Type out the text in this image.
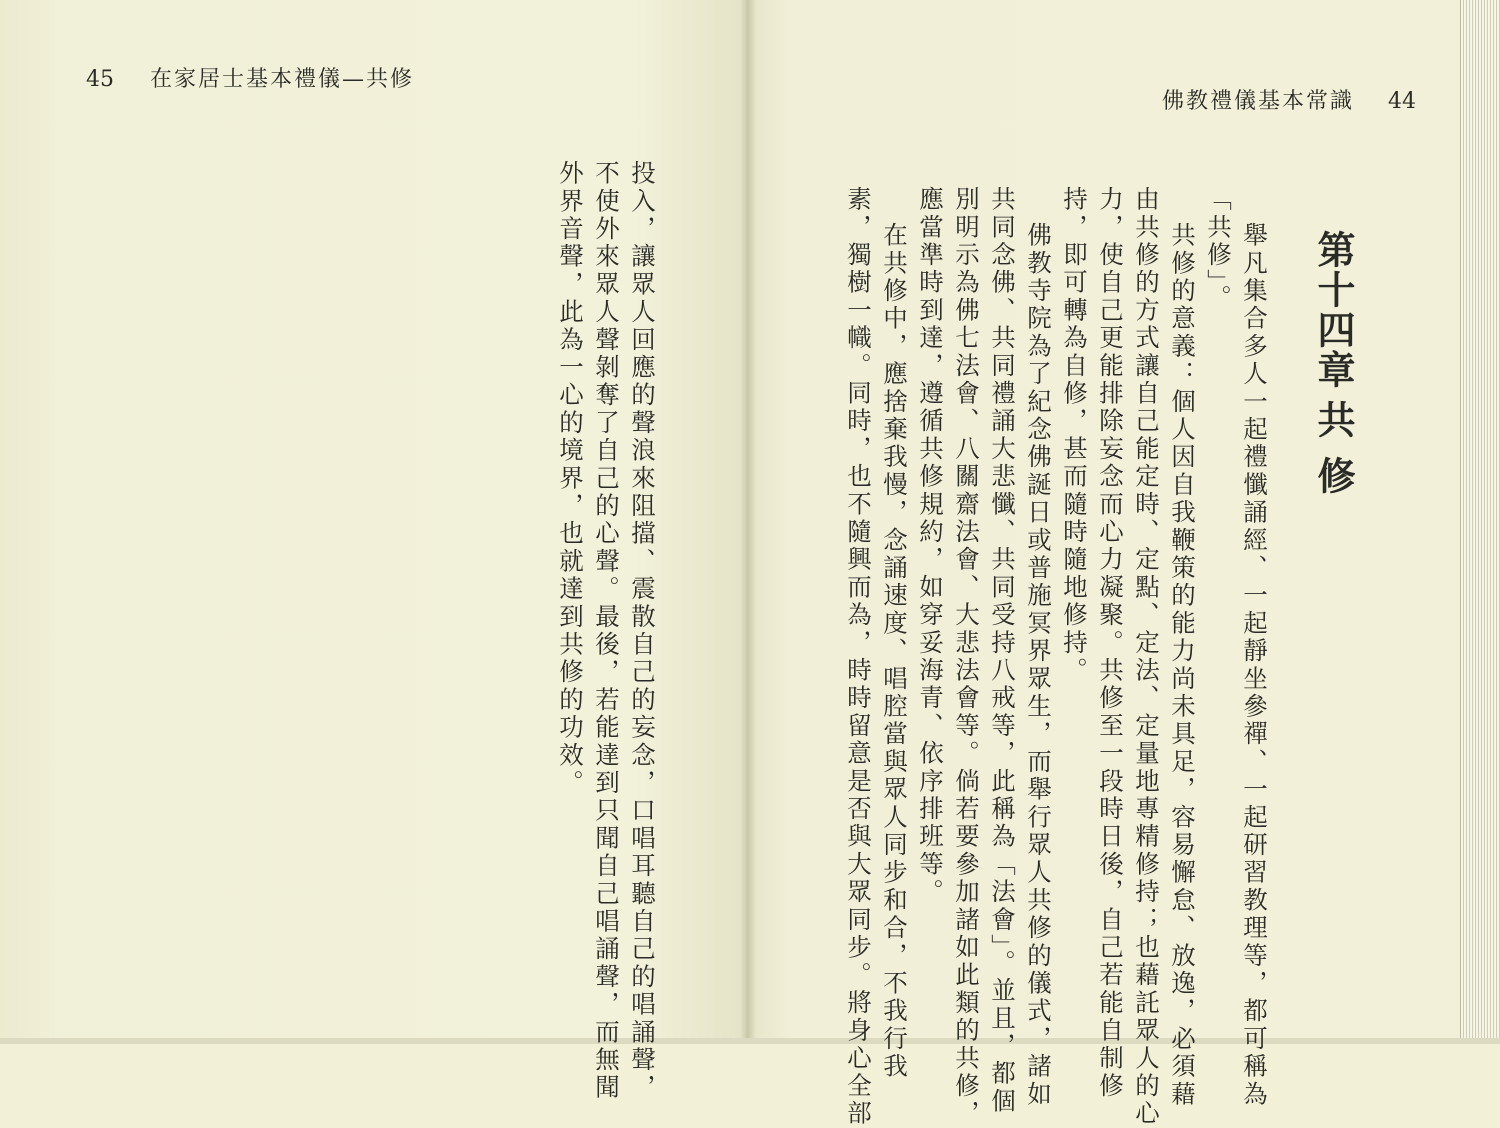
45 在家居士基本禮儀—共修
投入，讓眾人回應的聲浪來阻擋、震散自己的妄念，口唱耳聽自己的唱誦聲，
不使外來眾人聲剝奪了自己的心聲。最後，若能達到只聞自己唱誦聲，而無聞
外界音聲，此為一心的境界，也就達到共修的功效。
佛教禮儀基本常識 44
第十四章
共修
舉凡集合多人一起禮懺誦經、一起靜坐參禪、一起研習教理等，都可稱為
「共修」。
共修的意義：個人因自我鞭策的能力尚未具足，容易懈怠、放逸，必須藉
由共修的方式讓自己能定時、定點、定法、定量地專精修持；也藉託眾人的心
力，使自己更能排除妄念而心力凝聚。共修至一段時日後，自己若能自制修
持，即可轉為自修，甚而隨時隨地修持。
佛教寺院為了紀念佛誕日或普施冥界眾生，而舉行眾人共修的儀式，諸如
共同念佛、共同禮誦大悲懺、共同受持八戒等，此稱為「法會」。並且，都個
別明示為佛七法會、八關齋法會、大悲法會等。倘若要參加諸如此類的共修，
應當準時到達，遵循共修規約，如穿妥海青、依序排班等。
在共修中，應捨棄我慢，念誦速度、唱腔當與眾人同步和合，不我行我
素，獨樹一幟。同時，也不隨興而為，時時留意是否與大眾同步。將身心全部
